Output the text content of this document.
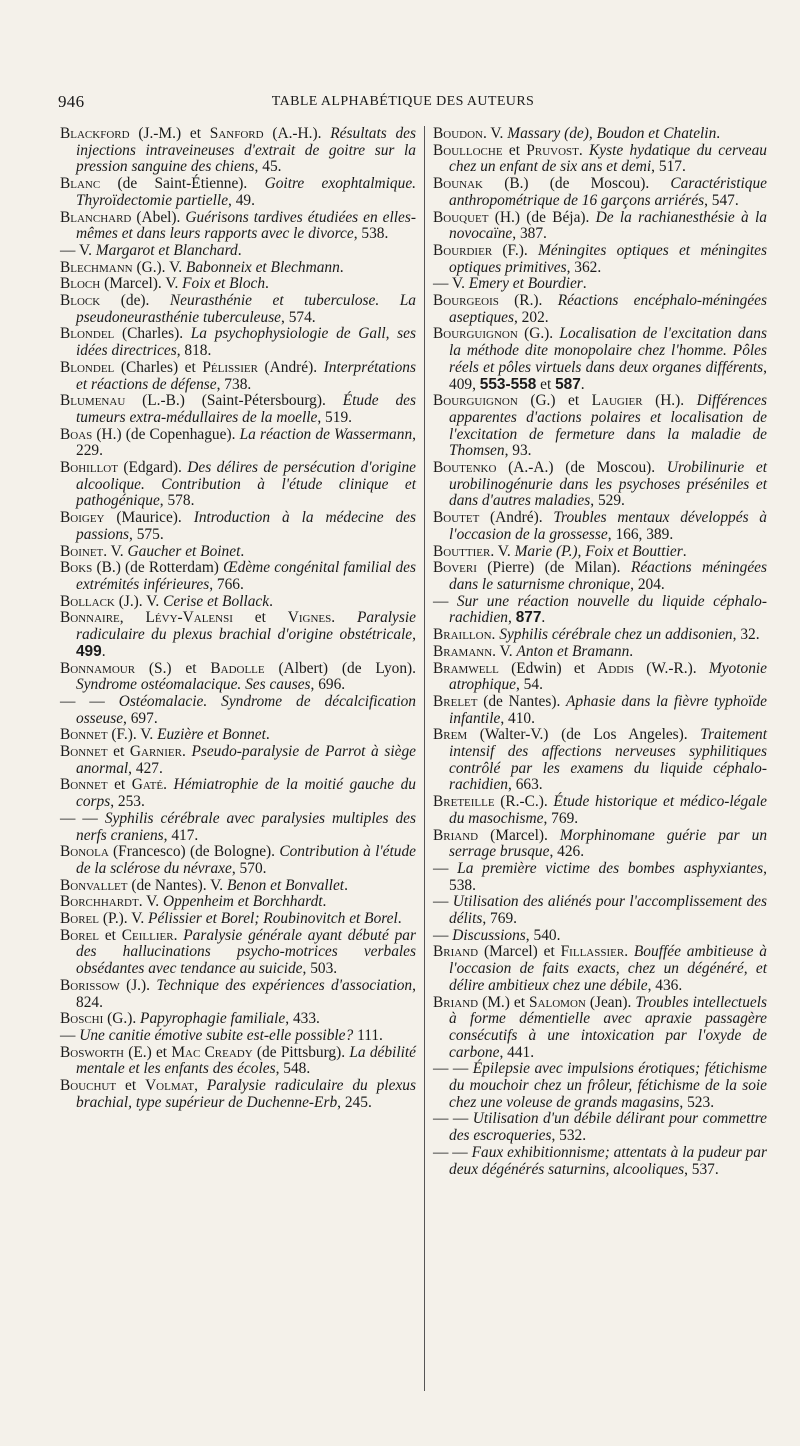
946	TABLE ALPHABÉTIQUE DES AUTEURS
Blackford (J.-M.) et Sanford (A.-H.). Résultats des injections intraveineuses d'extrait de goitre sur la pression sanguine des chiens, 45.
Blanc (de Saint-Étienne). Goitre exophtalmique. Thyroïdectomie partielle, 49.
Blanchard (Abel). Guérisons tardives étudiées en elles-mêmes et dans leurs rapports avec le divorce, 538.
— V. Margarot et Blanchard.
Blechmann (G.). V. Babonneix et Blechmann.
Bloch (Marcel). V. Foix et Bloch.
Block (de). Neurasthénie et tuberculose. La pseudoneurasthénie tuberculeuse, 574.
Blondel (Charles). La psychophysiologie de Gall, ses idées directrices, 818.
Blondel (Charles) et Pélissier (André). Interprétations et réactions de défense, 738.
Blumenau (L.-B.) (Saint-Pétersbourg). Étude des tumeurs extra-médullaires de la moelle, 519.
Boas (H.) (de Copenhague). La réaction de Wassermann, 229.
Bohillot (Edgard). Des délires de persécution d'origine alcoolique. Contribution à l'étude clinique et pathogénique, 578.
Boigey (Maurice). Introduction à la médecine des passions, 575.
Boinet. V. Gaucher et Boinet.
Boks (B.) (de Rotterdam) Œdème congénital familial des extrémités inférieures, 766.
Bollack (J.). V. Cerise et Bollack.
Bonnaire, Lévy-Valensi et Vignes. Paralysie radiculaire du plexus brachial d'origine obstétricale, 499.
Bonnamour (S.) et Badolle (Albert) (de Lyon). Syndrome ostéomalacique. Ses causes, 696.
— — Ostéomalacie. Syndrome de décalcification osseuse, 697.
Bonnet (F.). V. Euzière et Bonnet.
Bonnet et Garnier. Pseudo-paralysie de Parrot à siège anormal, 427.
Bonnet et Gaté. Hémiatrophie de la moitié gauche du corps, 253.
— — Syphilis cérébrale avec paralysies multiples des nerfs craniens, 417.
Bonola (Francesco) (de Bologne). Contribution à l'étude de la sclérose du névraxe, 570.
Bonvallet (de Nantes). V. Benon et Bonvallet.
Borchhardt. V. Oppenheim et Borchhardt.
Borel (P.). V. Pélissier et Borel; Roubinovitch et Borel.
Borel et Ceillier. Paralysie générale ayant débuté par des hallucinations psycho-motrices verbales obsédantes avec tendance au suicide, 503.
Borissow (J.). Technique des expériences d'association, 824.
Boschi (G.). Papyrophagie familiale, 433.
— Une canitie émotive subite est-elle possible? 111.
Bosworth (E.) et Mac Cready (de Pittsburg). La débilité mentale et les enfants des écoles, 548.
Bouchut et Volmat, Paralysie radiculaire du plexus brachial, type supérieur de Duchenne-Erb, 245.
Boudon. V. Massary (de), Boudon et Chatelin.
Boulloche et Pruvost. Kyste hydatique du cerveau chez un enfant de six ans et demi, 517.
Bounak (B.) (de Moscou). Caractéristique anthropométrique de 16 garçons arriérés, 547.
Bouquet (H.) (de Béja). De la rachianesthésie à la novocaïne, 387.
Bourdier (F.). Méningites optiques et méningites optiques primitives, 362.
— V. Emery et Bourdier.
Bourgeois (R.). Réactions encéphalo-méningées aseptiques, 202.
Bourguignon (G.). Localisation de l'excitation dans la méthode dite monopolaire chez l'homme. Pôles réels et pôles virtuels dans deux organes différents, 409, 553-558 et 587.
Bourguignon (G.) et Laugier (H.). Différences apparentes d'actions polaires et localisation de l'excitation de fermeture dans la maladie de Thomsen, 93.
Boutenko (A.-A.) (de Moscou). Urobilinurie et urobilinogénurie dans les psychoses préséniles et dans d'autres maladies, 529.
Boutet (André). Troubles mentaux développés à l'occasion de la grossesse, 166, 389.
Bouttier. V. Marie (P.), Foix et Bouttier.
Boveri (Pierre) (de Milan). Réactions méningées dans le saturnisme chronique, 204.
— Sur une réaction nouvelle du liquide céphalo-rachidien, 877.
Braillon. Syphilis cérébrale chez un addisonien, 32.
Bramann. V. Anton et Bramann.
Bramwell (Edwin) et Addis (W.-R.). Myotonie atrophique, 54.
Brelet (de Nantes). Aphasie dans la fièvre typhoïde infantile, 410.
Brem (Walter-V.) (de Los Angeles). Traitement intensif des affections nerveuses syphilitiques contrôlé par les examens du liquide céphalo-rachidien, 663.
Breteille (R.-C.). Étude historique et médico-légale du masochisme, 769.
Briand (Marcel). Morphinomane guérie par un serrage brusque, 426.
— La première victime des bombes asphyxiantes, 538.
— Utilisation des aliénés pour l'accomplissement des délits, 769.
— Discussions, 540.
Briand (Marcel) et Fillassier. Bouffée ambitieuse à l'occasion de faits exacts, chez un dégénéré, et délire ambitieux chez une débile, 436.
Briand (M.) et Salomon (Jean). Troubles intellectuels à forme démentielle avec apraxie passagère consécutifs à une intoxication par l'oxyde de carbone, 441.
— — Épilepsie avec impulsions érotiques; fétichisme du mouchoir chez un frôleur, fétichisme de la soie chez une voleuse de grands magasins, 523.
— — Utilisation d'un débile délirant pour commettre des escroqueries, 532.
— — Faux exhibitionnisme; attentats à la pudeur par deux dégénérés saturnins, alcooliques, 537.
